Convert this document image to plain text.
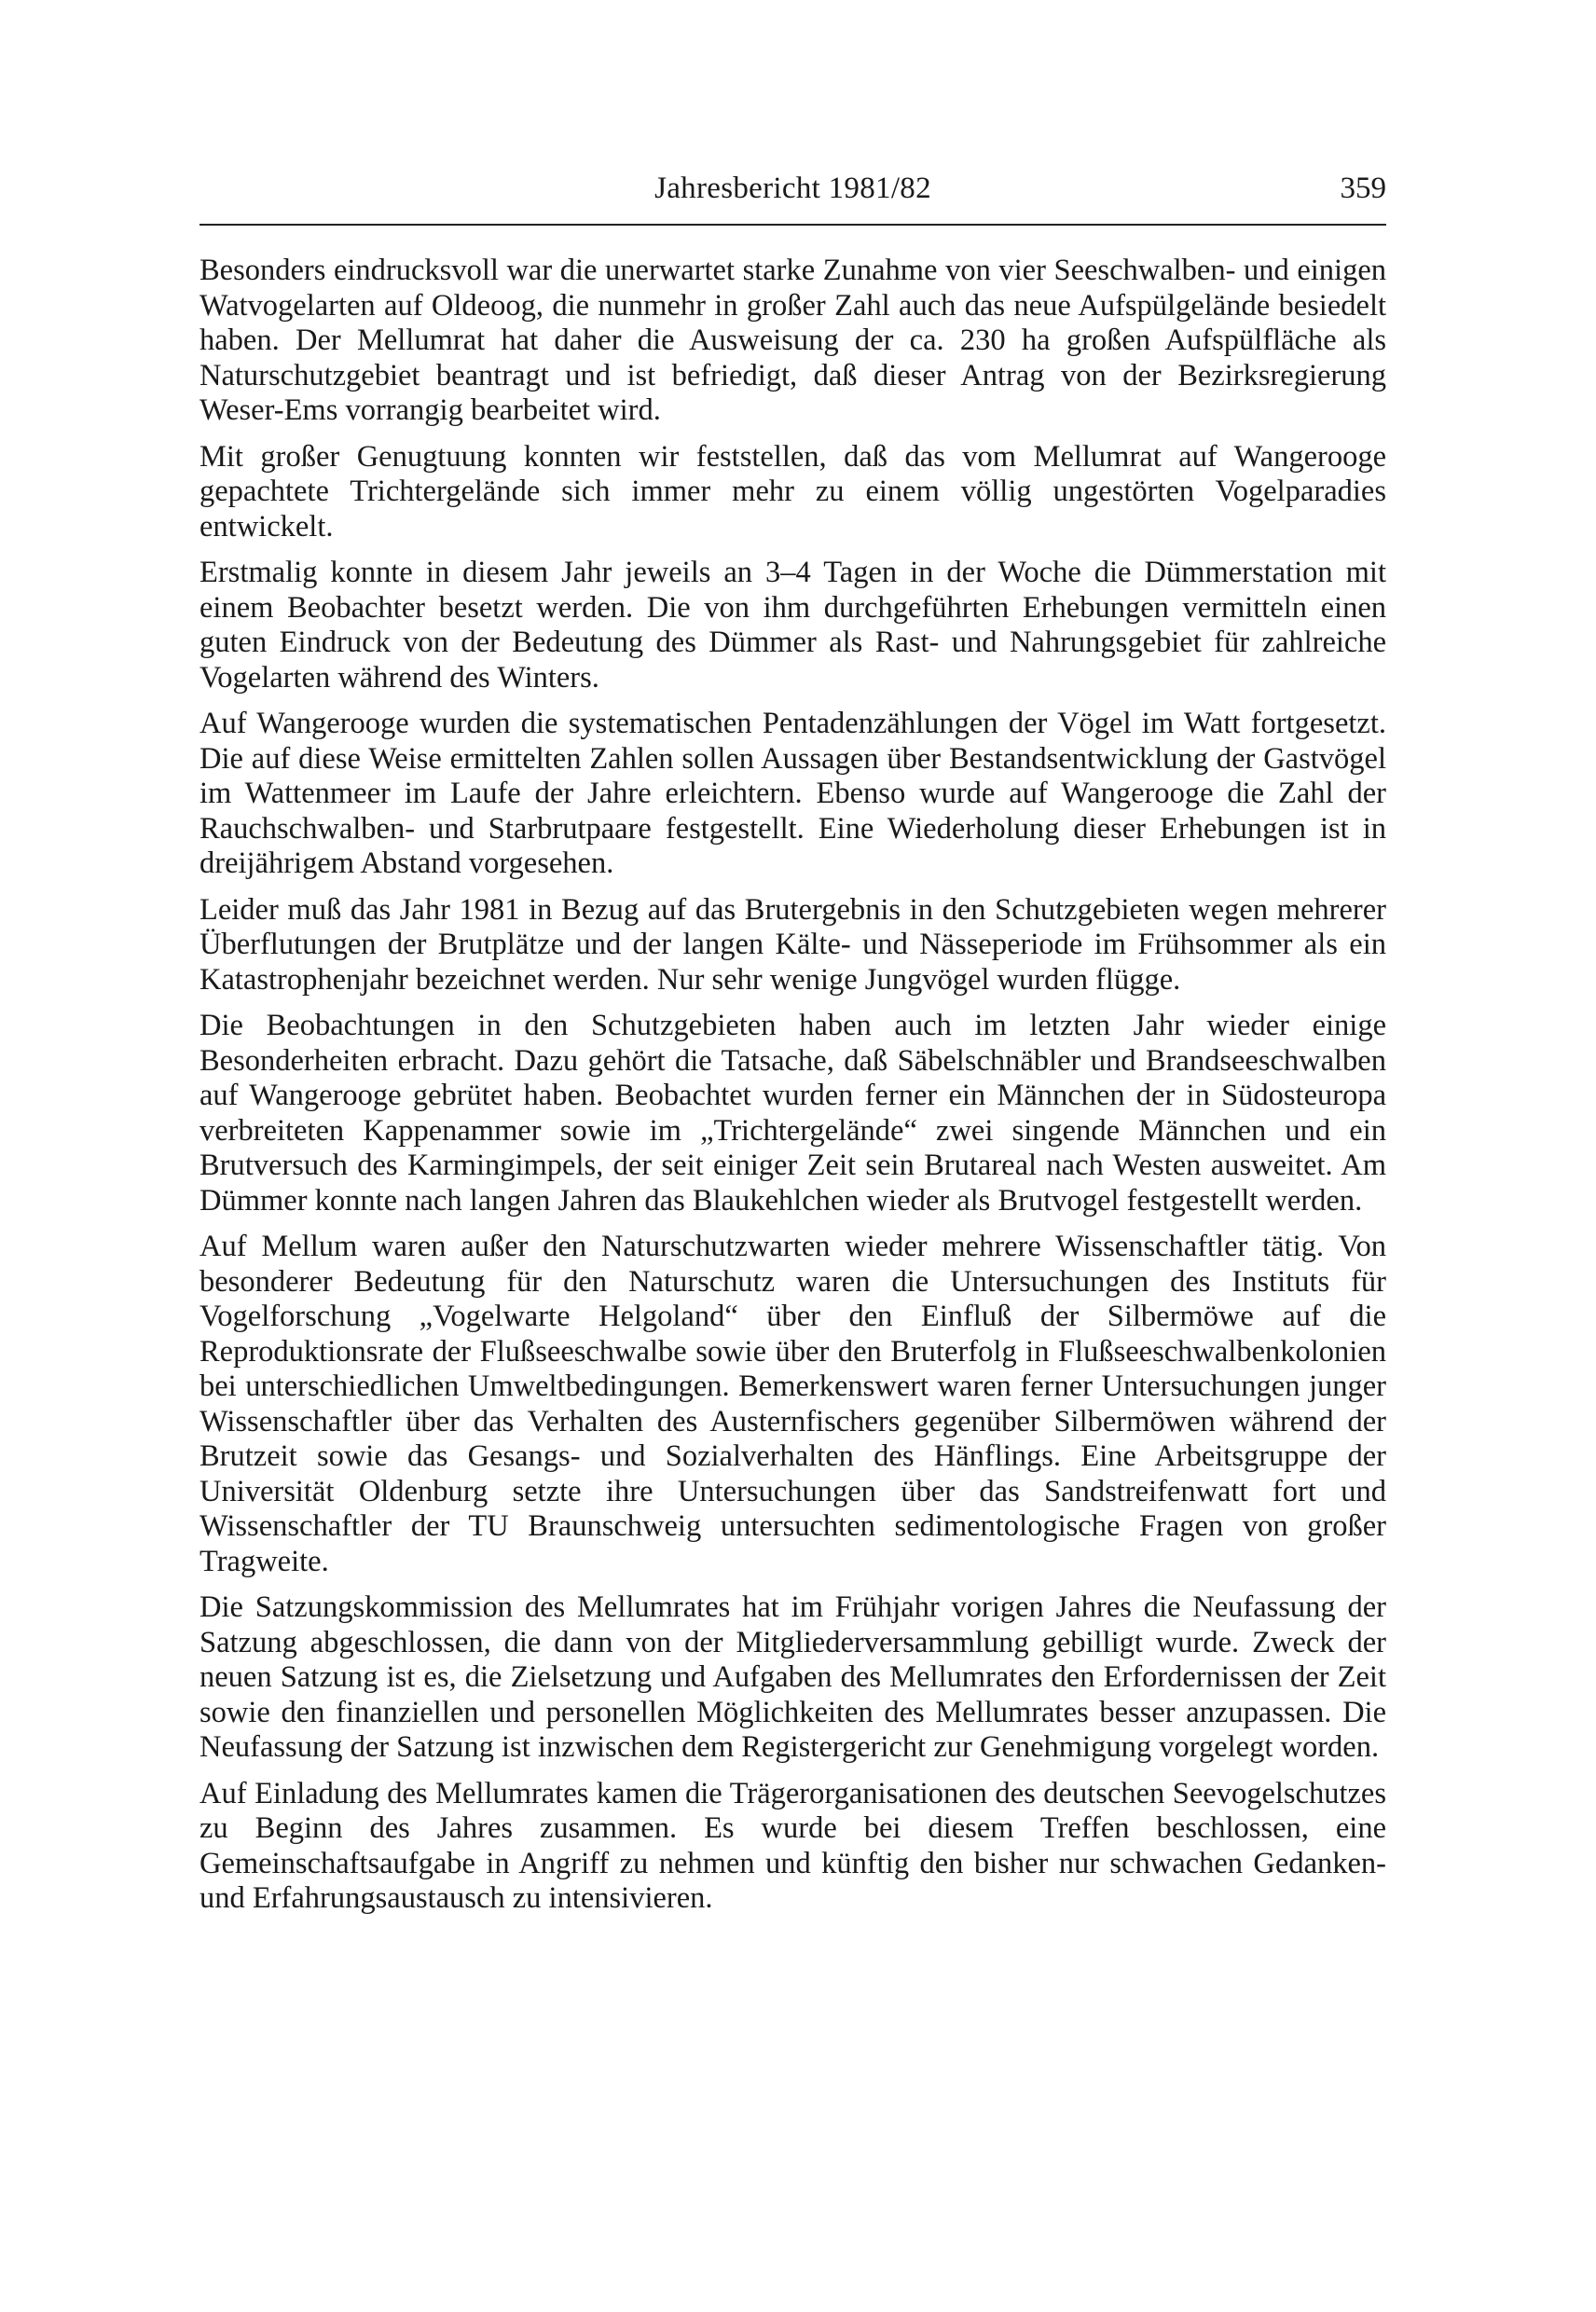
Jahresbericht 1981/82	359

Besonders eindrucksvoll war die unerwartet starke Zunahme von vier Seeschwalben- und einigen Watvogelarten auf Oldeoog, die nunmehr in großer Zahl auch das neue Aufspülgelände besiedelt haben. Der Mellumrat hat daher die Ausweisung der ca. 230 ha großen Aufspülfläche als Naturschutzgebiet beantragt und ist befriedigt, daß dieser Antrag von der Bezirksregierung Weser-Ems vorrangig bearbeitet wird.

Mit großer Genugtuung konnten wir feststellen, daß das vom Mellumrat auf Wangerooge gepachtete Trichtergelände sich immer mehr zu einem völlig ungestörten Vogelparadies entwickelt.

Erstmalig konnte in diesem Jahr jeweils an 3–4 Tagen in der Woche die Dümmerstation mit einem Beobachter besetzt werden. Die von ihm durchgeführten Erhebungen vermitteln einen guten Eindruck von der Bedeutung des Dümmer als Rast- und Nahrungsgebiet für zahlreiche Vogelarten während des Winters.

Auf Wangerooge wurden die systematischen Pentadenzählungen der Vögel im Watt fortgesetzt. Die auf diese Weise ermittelten Zahlen sollen Aussagen über Bestandsentwicklung der Gastvögel im Wattenmeer im Laufe der Jahre erleichtern. Ebenso wurde auf Wangerooge die Zahl der Rauchschwalben- und Starbrutpaare festgestellt. Eine Wiederholung dieser Erhebungen ist in dreijährigem Abstand vorgesehen.

Leider muß das Jahr 1981 in Bezug auf das Brutergebnis in den Schutzgebieten wegen mehrerer Überflutungen der Brutplätze und der langen Kälte- und Nässeperiode im Frühsommer als ein Katastrophenjahr bezeichnet werden. Nur sehr wenige Jungvögel wurden flügge.

Die Beobachtungen in den Schutzgebieten haben auch im letzten Jahr wieder einige Besonderheiten erbracht. Dazu gehört die Tatsache, daß Säbelschnäbler und Brandseeschwalben auf Wangerooge gebrütet haben. Beobachtet wurden ferner ein Männchen der in Südosteuropa verbreiteten Kappenammer sowie im „Trichtergelände“ zwei singende Männchen und ein Brutversuch des Karmingimpels, der seit einiger Zeit sein Brutareal nach Westen ausweitet. Am Dümmer konnte nach langen Jahren das Blaukehlchen wieder als Brutvogel festgestellt werden.

Auf Mellum waren außer den Naturschutzwarten wieder mehrere Wissenschaftler tätig. Von besonderer Bedeutung für den Naturschutz waren die Untersuchungen des Instituts für Vogelforschung „Vogelwarte Helgoland“ über den Einfluß der Silbermöwe auf die Reproduktionsrate der Flußseeschwalbe sowie über den Bruterfolg in Flußseeschwalbenkolonien bei unterschiedlichen Umweltbedingungen. Bemerkenswert waren ferner Untersuchungen junger Wissenschaftler über das Verhalten des Austernfischers gegenüber Silbermöwen während der Brutzeit sowie das Gesangs- und Sozialverhalten des Hänflings. Eine Arbeitsgruppe der Universität Oldenburg setzte ihre Untersuchungen über das Sandstreifenwatt fort und Wissenschaftler der TU Braunschweig untersuchten sedimentologische Fragen von großer Tragweite.

Die Satzungskommission des Mellumrates hat im Frühjahr vorigen Jahres die Neufassung der Satzung abgeschlossen, die dann von der Mitgliederversammlung gebilligt wurde. Zweck der neuen Satzung ist es, die Zielsetzung und Aufgaben des Mellumrates den Erfordernissen der Zeit sowie den finanziellen und personellen Möglichkeiten des Mellumrates besser anzupassen. Die Neufassung der Satzung ist inzwischen dem Registergericht zur Genehmigung vorgelegt worden.

Auf Einladung des Mellumrates kamen die Trägerorganisationen des deutschen Seevogelschutzes zu Beginn des Jahres zusammen. Es wurde bei diesem Treffen beschlossen, eine Gemeinschaftsaufgabe in Angriff zu nehmen und künftig den bisher nur schwachen Gedanken- und Erfahrungsaustausch zu intensivieren.
